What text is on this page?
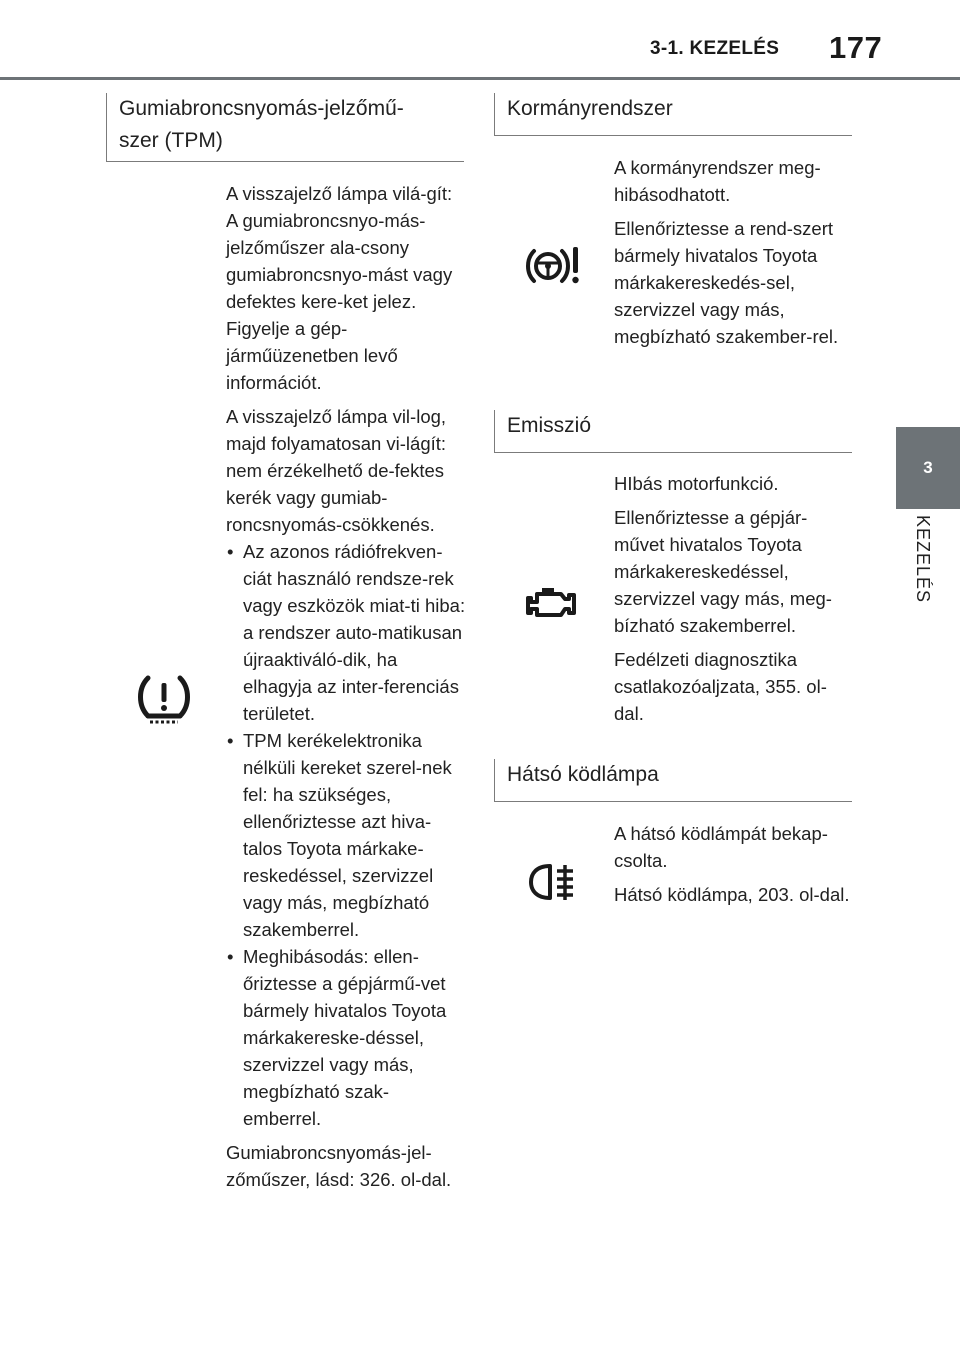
3-1. KEZELÉS 177
3
KEZELÉS
Gumiabroncsnyomás-jelzőmű-
szer (TPM)

A visszajelző lámpa vilá-gít: A gumiabroncsnyo-más-jelzőműszer ala-csony gumiabroncsnyo-mást vagy defektes kere-ket jelez. Figyelje a gép-járműüzenetben levő információt.

A visszajelző lámpa vil-log, majd folyamatosan vi-lágít: nem érzékelhető de-fektes kerék vagy gumiab-roncsnyomás-csökkenés.

• Az azonos rádiófrekven-ciát használó rendsze-rek vagy eszközök miat-ti hiba: a rendszer auto-matikusan újraaktiváló-dik, ha elhagyja az inter-ferenciás területet.
• TPM kerékelektronika nélküli kereket szerel-nek fel: ha szükséges, ellenőriztesse azt hiva-talos Toyota márkake-reskedéssel, szervizzel vagy más, megbízható szakemberrel.
• Meghibásodás: ellen-őriztesse a gépjármű-vet bármely hivatalos Toyota márkakereske-déssel, szervizzel vagy más, megbízható szak-emberrel.

Gumiabroncsnyomás-jel-zőműszer, lásd: 326. ol-dal.

Kormányrendszer

A kormányrendszer meg-hibásodhatott.

Ellenőriztesse a rend-szert bármely hivatalos Toyota márkakereskedés-sel, szervizzel vagy más, megbízható szakember-rel.

Emisszió

HIbás motorfunkció.

Ellenőriztesse a gépjár-művet hivatalos Toyota márkakereskedéssel, szervizzel vagy más, meg-bízható szakemberrel.

Fedélzeti diagnosztika csatlakozóaljzata, 355. ol-dal.

Hátsó ködlámpa

A hátsó ködlámpát bekap-csolta.

Hátsó ködlámpa, 203. ol-dal.
